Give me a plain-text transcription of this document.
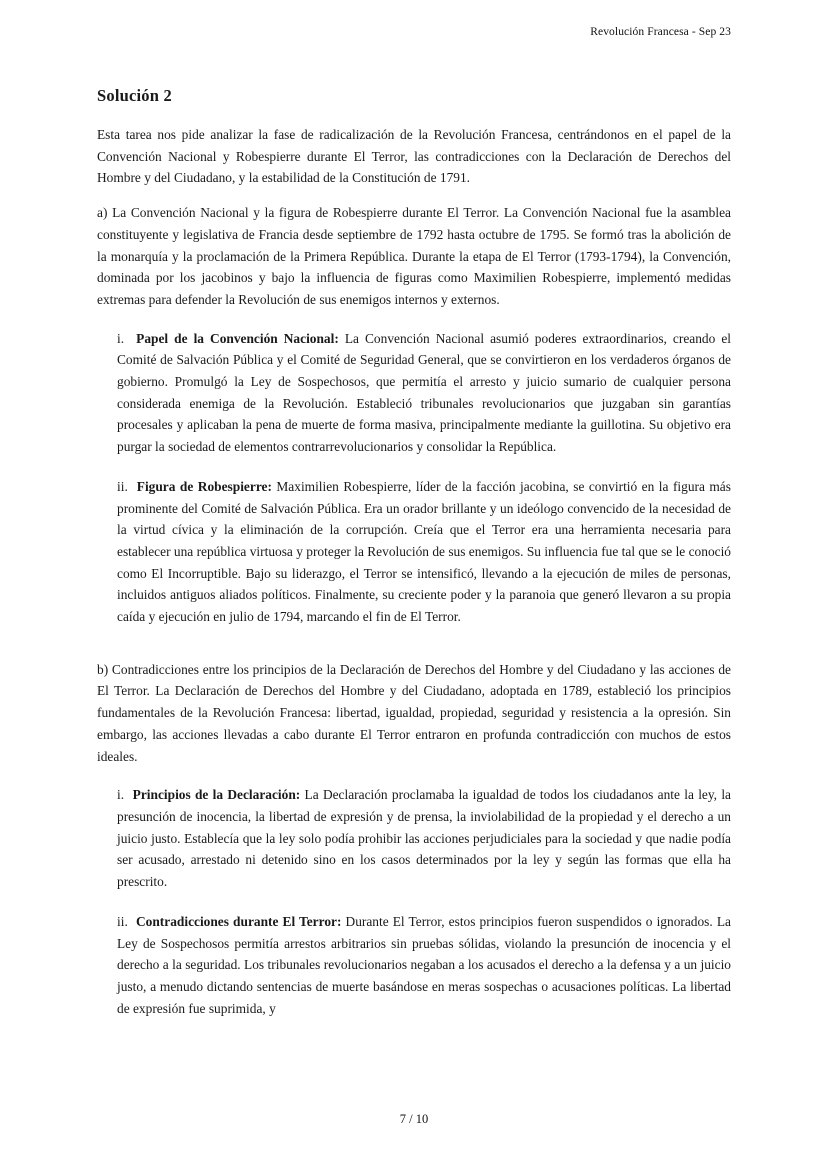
Revolución Francesa - Sep 23
Solución 2

Esta tarea nos pide analizar la fase de radicalización de la Revolución Francesa, centrándonos en el papel de la Convención Nacional y Robespierre durante El Terror, las contradicciones con la Declaración de Derechos del Hombre y del Ciudadano, y la estabilidad de la Constitución de 1791.

a) La Convención Nacional y la figura de Robespierre durante El Terror. La Convención Nacional fue la asamblea constituyente y legislativa de Francia desde septiembre de 1792 hasta octubre de 1795. Se formó tras la abolición de la monarquía y la proclamación de la Primera República. Durante la etapa de El Terror (1793-1794), la Convención, dominada por los jacobinos y bajo la influencia de figuras como Maximilien Robespierre, implementó medidas extremas para defender la Revolución de sus enemigos internos y externos.

i. Papel de la Convención Nacional: La Convención Nacional asumió poderes extraordinarios, creando el Comité de Salvación Pública y el Comité de Seguridad General, que se convirtieron en los verdaderos órganos de gobierno. Promulgó la Ley de Sospechosos, que permitía el arresto y juicio sumario de cualquier persona considerada enemiga de la Revolución. Estableció tribunales revolucionarios que juzgaban sin garantías procesales y aplicaban la pena de muerte de forma masiva, principalmente mediante la guillotina. Su objetivo era purgar la sociedad de elementos contrarrevolucionarios y consolidar la República.

ii. Figura de Robespierre: Maximilien Robespierre, líder de la facción jacobina, se convirtió en la figura más prominente del Comité de Salvación Pública. Era un orador brillante y un ideólogo convencido de la necesidad de la virtud cívica y la eliminación de la corrupción. Creía que el Terror era una herramienta necesaria para establecer una república virtuosa y proteger la Revolución de sus enemigos. Su influencia fue tal que se le conoció como El Incorruptible. Bajo su liderazgo, el Terror se intensificó, llevando a la ejecución de miles de personas, incluidos antiguos aliados políticos. Finalmente, su creciente poder y la paranoia que generó llevaron a su propia caída y ejecución en julio de 1794, marcando el fin de El Terror.

b) Contradicciones entre los principios de la Declaración de Derechos del Hombre y del Ciudadano y las acciones de El Terror. La Declaración de Derechos del Hombre y del Ciudadano, adoptada en 1789, estableció los principios fundamentales de la Revolución Francesa: libertad, igualdad, propiedad, seguridad y resistencia a la opresión. Sin embargo, las acciones llevadas a cabo durante El Terror entraron en profunda contradicción con muchos de estos ideales.

i. Principios de la Declaración: La Declaración proclamaba la igualdad de todos los ciudadanos ante la ley, la presunción de inocencia, la libertad de expresión y de prensa, la inviolabilidad de la propiedad y el derecho a un juicio justo. Establecía que la ley solo podía prohibir las acciones perjudiciales para la sociedad y que nadie podía ser acusado, arrestado ni detenido sino en los casos determinados por la ley y según las formas que ella ha prescrito.

ii. Contradicciones durante El Terror: Durante El Terror, estos principios fueron suspendidos o ignorados. La Ley de Sospechosos permitía arrestos arbitrarios sin pruebas sólidas, violando la presunción de inocencia y el derecho a la seguridad. Los tribunales revolucionarios negaban a los acusados el derecho a la defensa y a un juicio justo, a menudo dictando sentencias de muerte basándose en meras sospechas o acusaciones políticas. La libertad de expresión fue suprimida, y

7 / 10
